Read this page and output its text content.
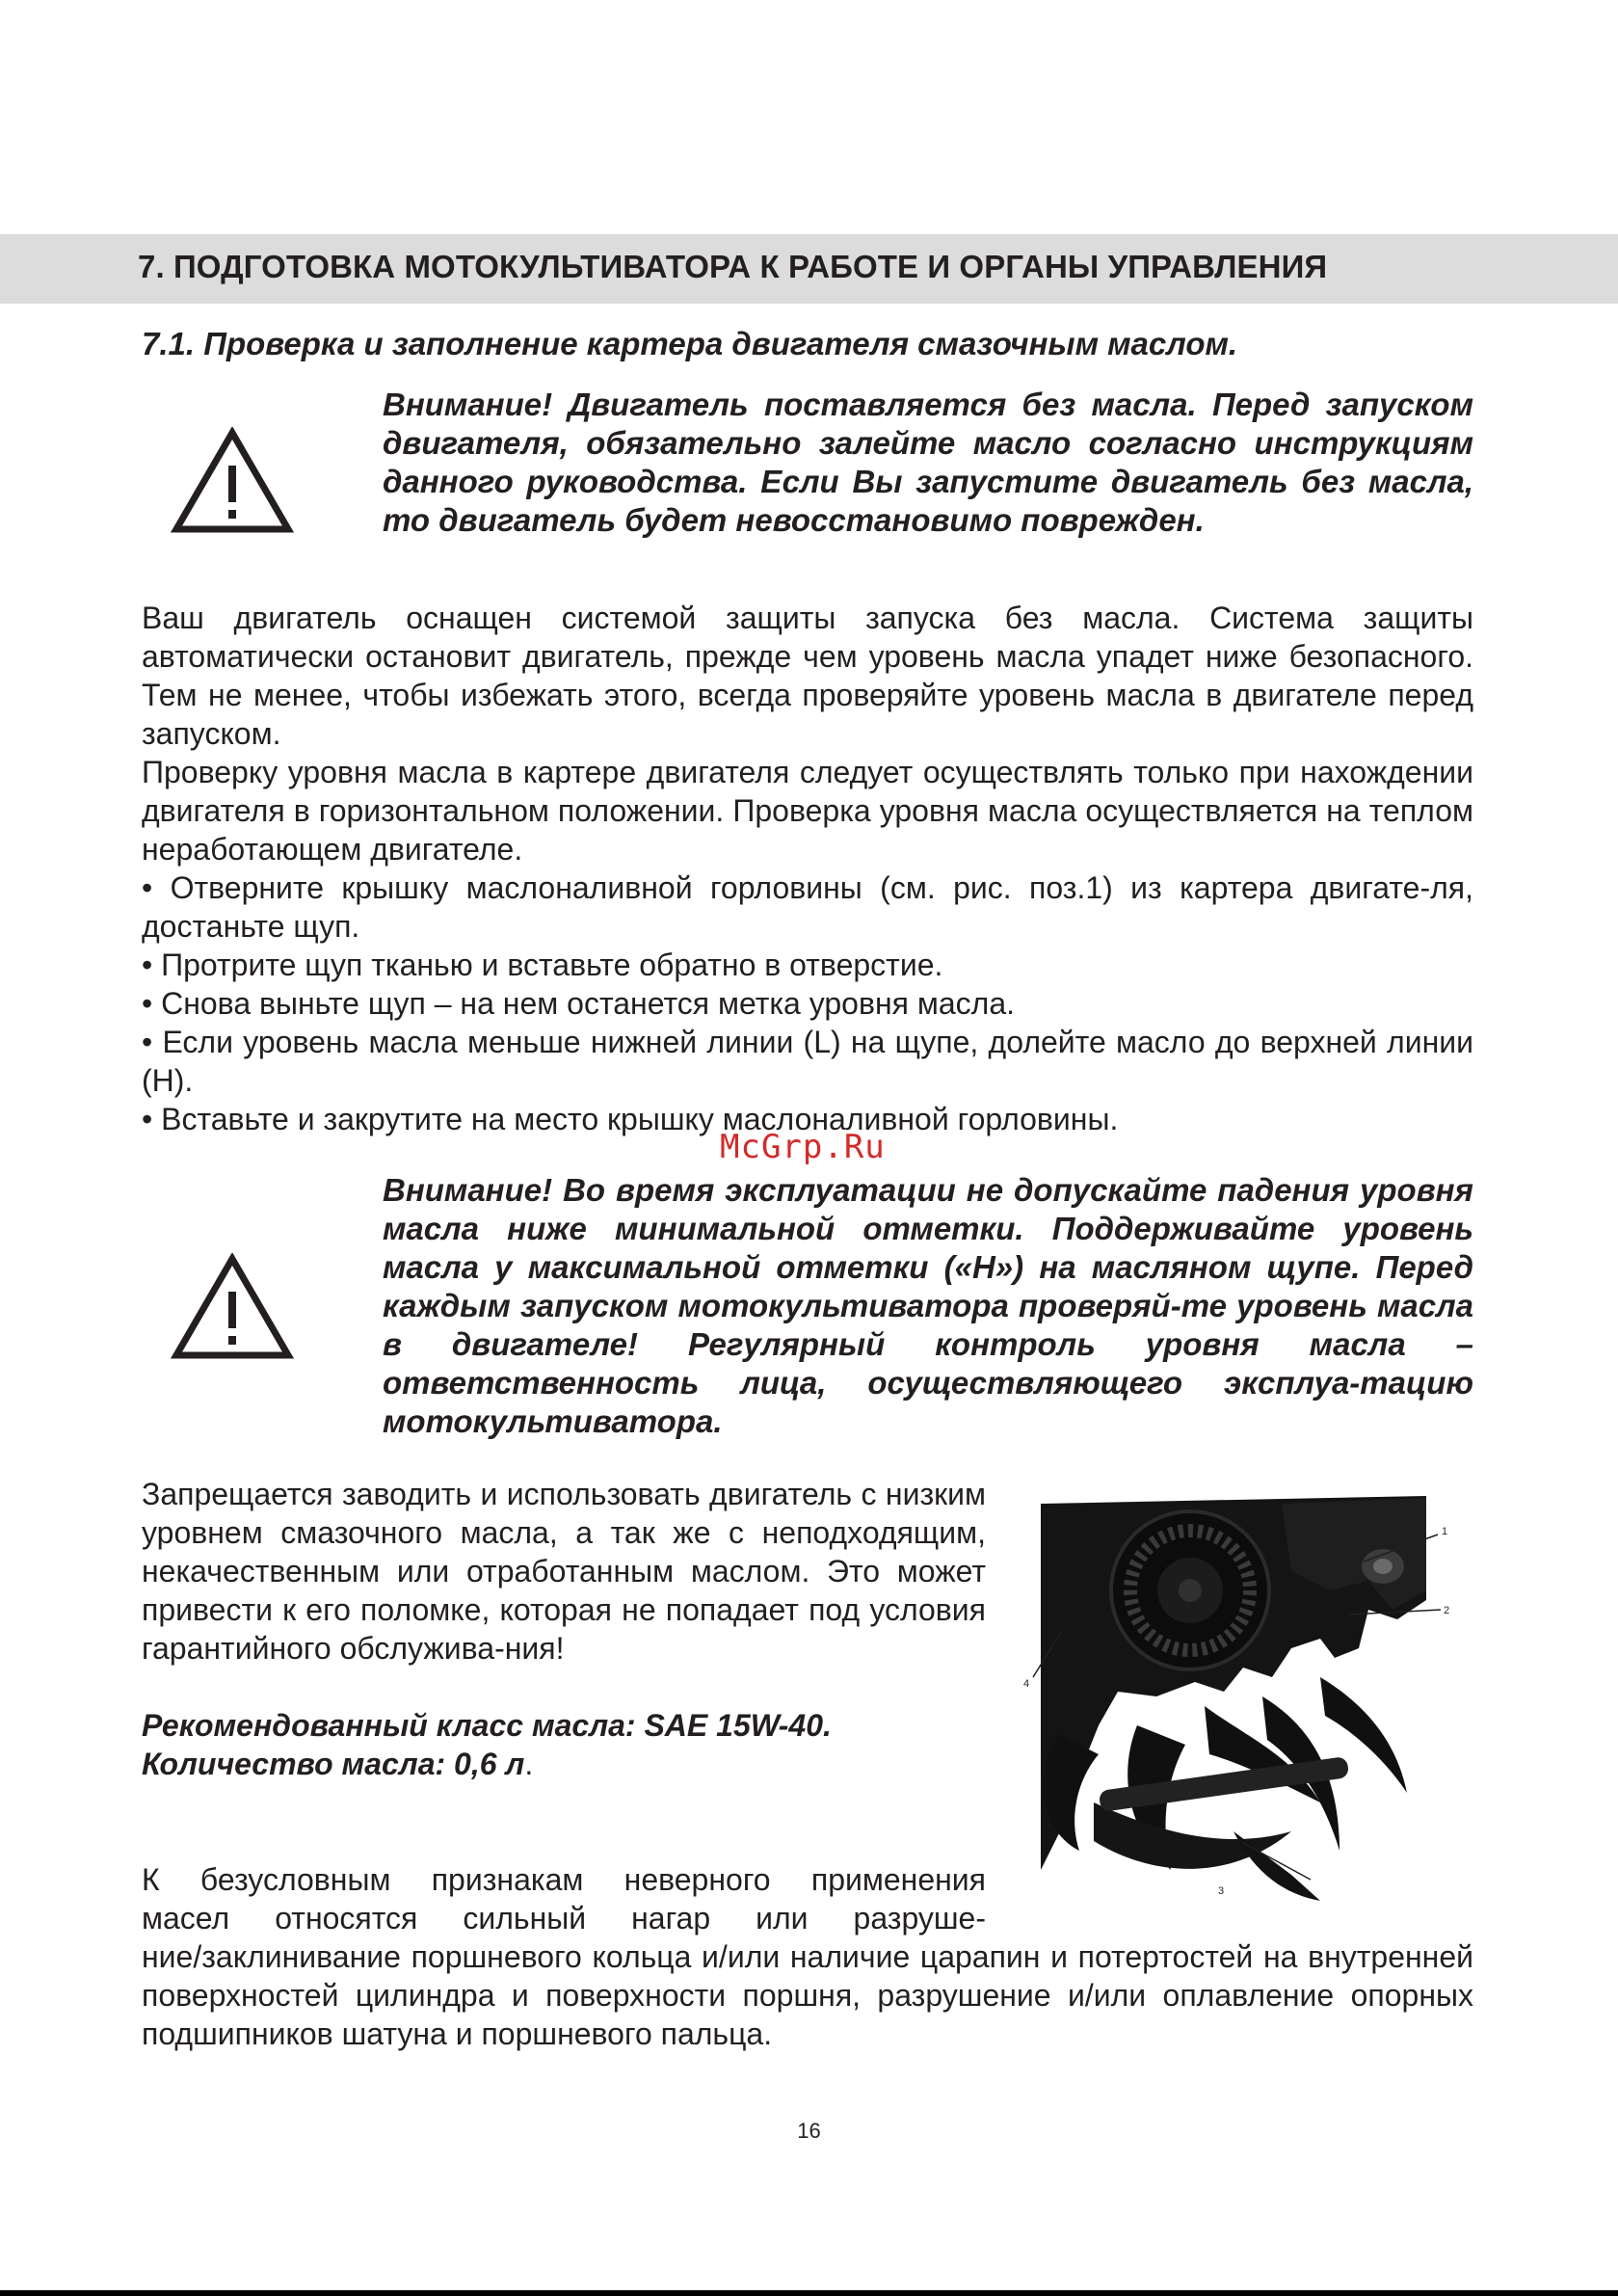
7. ПОДГОТОВКА МОТОКУЛЬТИВАТОРА К РАБОТЕ И ОРГАНЫ УПРАВЛЕНИЯ
7.1. Проверка и заполнение картера двигателя смазочным маслом.
Внимание! Двигатель поставляется без масла. Перед запуском двигателя, обязательно залейте масло согласно инструкциям данного руководства. Если Вы запустите двигатель без масла, то двигатель будет невосстановимо поврежден.

Ваш двигатель оснащен системой защиты запуска без масла. Система защиты автоматически остановит двигатель, прежде чем уровень масла упадет ниже безопасного. Тем не менее, чтобы избежать этого, всегда проверяйте уровень масла в двигателе перед запуском.

Проверку уровня масла в картере двигателя следует осуществлять только при нахождении двигателя в горизонтальном положении. Проверка уровня масла осуществляется на теплом неработающем двигателе.

• Отверните крышку маслоналивной горловины (см. рис. поз.1) из картера двигате-ля, достаньте щуп.

• Протрите щуп тканью и вставьте обратно в отверстие.

• Снова выньте щуп – на нем останется метка уровня масла.

• Если уровень масла меньше нижней линии (L) на щупе, долейте масло до верхней линии (H).

• Вставьте и закрутите на место крышку маслоналивной горловины.

McGrp.Ru
Внимание! Во время эксплуатации не допускайте падения уровня масла ниже минимальной отметки. Поддерживайте уровень масла у максимальной отметки («H») на масляном щупе. Перед каждым запуском мотокультиватора проверяй-те уровень масла в двигателе! Регулярный контроль уровня масла – ответственность лица, осуществляющего эксплуа-тацию мотокультиватора.

Запрещается заводить и использовать двигатель с низким уровнем смазочного масла, а так же с неподходящим, некачественным или отработанным маслом. Это может привести к его поломке, которая не попадает под условия гарантийного обслужива-ния!

Рекомендованный класс масла: SAE 15W-40.

Количество масла: 0,6 л.

1
2
3
4
К безусловным признакам неверного применения
масел относятся сильный нагар или разруше-

ние/заклинивание поршневого кольца и/или наличие царапин и потертостей на внутренней поверхностей цилиндра и поверхности поршня, разрушение и/или оплавление опорных подшипников шатуна и поршневого пальца.

16
